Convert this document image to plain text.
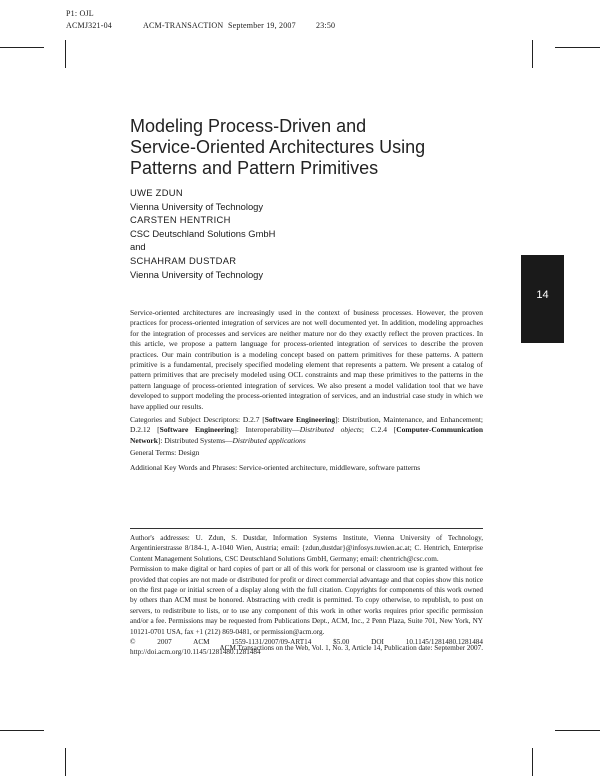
P1: OJL
ACMJ321-04	ACM-TRANSACTION September 19, 2007	23:50
Modeling Process-Driven and
Service-Oriented Architectures Using
Patterns and Pattern Primitives
UWE ZDUN
Vienna University of Technology
CARSTEN HENTRICH
CSC Deutschland Solutions GmbH
and
SCHAHRAM DUSTDAR
Vienna University of Technology
14
Service-oriented architectures are increasingly used in the context of business processes. However, the proven practices for process-oriented integration of services are not well documented yet. In addition, modeling approaches for the integration of processes and services are neither mature nor do they exactly reflect the proven practices. In this article, we propose a pattern language for process-oriented integration of services to describe the proven practices. Our main contribution is a modeling concept based on pattern primitives for these patterns. A pattern primitive is a fundamental, precisely specified modeling element that represents a pattern. We present a catalog of pattern primitives that are precisely modeled using OCL constraints and map these primitives to the patterns in the pattern language of process-oriented integration of services. We also present a model validation tool that we have developed to support modeling the process-oriented integration of services, and an industrial case study in which we have applied our results.
Categories and Subject Descriptors: D.2.7 [Software Engineering]: Distribution, Maintenance, and Enhancement; D.2.12 [Software Engineering]: Interoperability—Distributed objects; C.2.4 [Computer-Communication Network]: Distributed Systems—Distributed applications
General Terms: Design
Additional Key Words and Phrases: Service-oriented architecture, middleware, software patterns

Author's addresses: U. Zdun, S. Dustdar, Information Systems Institute, Vienna University of Technology, Argentinierstrasse 8/184-1, A-1040 Wien, Austria; email: {zdun,dustdar}@infosys.tuwien.ac.at; C. Hentrich, Enterprise Content Management Solutions, CSC Deutschland Solutions GmbH, Germany; email: chentrich@csc.com.

Permission to make digital or hard copies of part or all of this work for personal or classroom use is granted without fee provided that copies are not made or distributed for profit or direct commercial advantage and that copies show this notice on the first page or initial screen of a display along with the full citation. Copyrights for components of this work owned by others than ACM must be honored. Abstracting with credit is permitted. To copy otherwise, to republish, to post on servers, to redistribute to lists, or to use any component of this work in other works requires prior specific permission and/or a fee. Permissions may be requested from Publications Dept., ACM, Inc., 2 Penn Plaza, Suite 701, New York, NY 10121-0701 USA, fax +1 (212) 869-0481, or permission@acm.org.

© 2007 ACM 1559-1131/2007/09-ART14 $5.00 DOI 10.1145/1281480.1281484 http://doi.acm.org/10.1145/1281480.1281484

ACM Transactions on the Web, Vol. 1, No. 3, Article 14, Publication date: September 2007.
